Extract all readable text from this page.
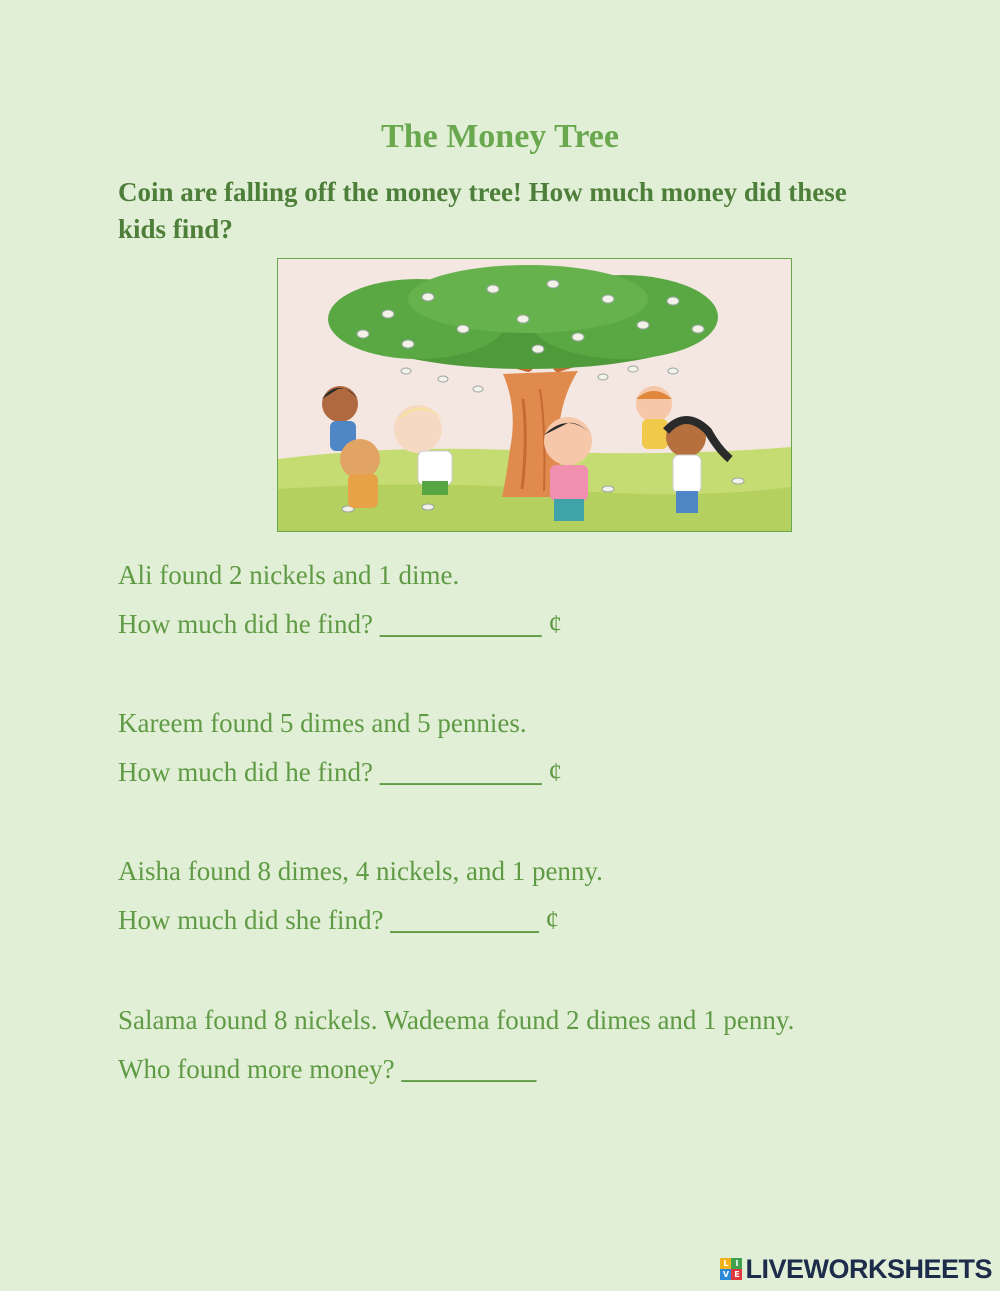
The Money Tree

Coin are falling off the money tree! How much money did these kids find?

Ali found 2 nickels and 1 dime.

How much did he find? ____________ ¢

Kareem found 5 dimes and 5 pennies.

How much did he find? ____________ ¢

Aisha found 8 dimes, 4 nickels, and 1 penny.

How much did she find? ___________ ¢

Salama found 8 nickels. Wadeema found 2 dimes and 1 penny.

Who found more money? __________

L I
V E LIVEWORKSHEETS
